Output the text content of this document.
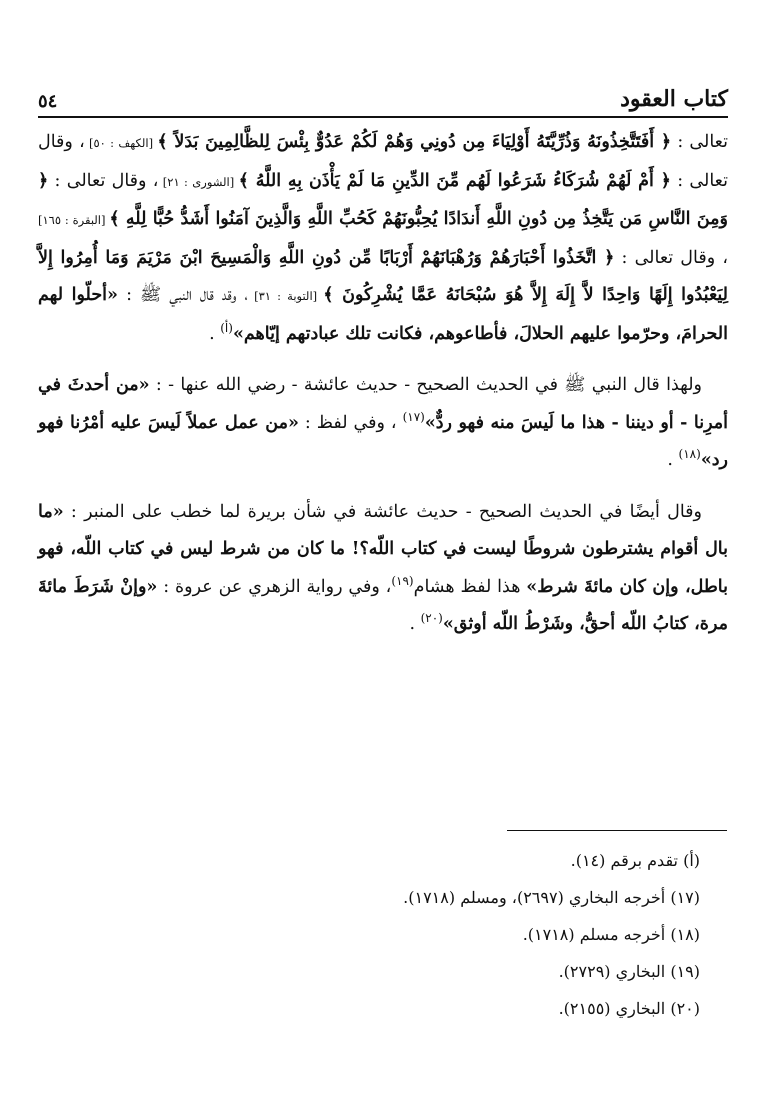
كتاب العقود
٥٤

تعالى : ﴿ أَفَتَتَّخِذُونَهُ وَذُرِّيَّتَهُ أَوْلِيَاءَ مِن دُونِي وَهُمْ لَكُمْ عَدُوٌّ بِئْسَ لِلظَّالِمِينَ بَدَلاً ﴾ [الكهف : ٥٠] ، وقال تعالى : ﴿ أَمْ لَهُمْ شُرَكَاءُ شَرَعُوا لَهُم مِّنَ الدِّينِ مَا لَمْ يَأْذَن بِهِ اللَّهُ ﴾ [الشورى : ٢١] ، وقال تعالى : ﴿ وَمِنَ النَّاسِ مَن يَتَّخِذُ مِن دُونِ اللَّهِ أَندَادًا يُحِبُّونَهُمْ كَحُبِّ اللَّهِ وَالَّذِينَ آمَنُوا أَشَدُّ حُبًّا لِلَّهِ ﴾ [البقرة : ١٦٥] ، وقال تعالى : ﴿ اتَّخَذُوا أَحْبَارَهُمْ وَرُهْبَانَهُمْ أَرْبَابًا مِّن دُونِ اللَّهِ وَالْمَسِيحَ ابْنَ مَرْيَمَ وَمَا أُمِرُوا إِلاَّ لِيَعْبُدُوا إِلَهًا وَاحِدًا لاَّ إِلَهَ إِلاَّ هُوَ سُبْحَانَهُ عَمَّا يُشْرِكُونَ ﴾ [التوبة : ٣١] ، وقد قال النبي ﷺ : «أحلّوا لهم الحرامَ، وحرّموا عليهم الحلالَ، فأطاعوهم، فكانت تلك عبادتهم إيّاهم»$^{(أ)}$ .

ولهذا قال النبي ﷺ في الحديث الصحيح - حديث عائشة - رضي الله عنها - : «من أحدثَ في أمرِنا - أو ديننا - هذا ما لَيسَ منه فهو ردٌّ»$^{(١٧)}$ ، وفي لفظ : «من عمل عملاً لَيسَ عليه أمْرُنا فهو رد»$^{(١٨)}$ .

وقال أيضًا في الحديث الصحيح - حديث عائشة في شأن بريرة لما خطب على المنبر : «ما بال أقوام يشترطون شروطًا ليست في كتاب اللّه؟! ما كان من شرط ليس في كتاب اللّه، فهو باطل، وإن كان مائةَ شرط» هذا لفظ هشام$^{(١٩)}$، وفي رواية الزهري عن عروة : «وإنْ شَرَطَ مائةَ مرة، كتابُ اللّه أحقُّ، وشَرْطُ اللّه أوثق»$^{(٢٠)}$ .

(أ) تقدم برقم (١٤).
(١٧) أخرجه البخاري (٢٦٩٧)، ومسلم (١٧١٨).
(١٨) أخرجه مسلم (١٧١٨).
(١٩) البخاري (٢٧٢٩).
(٢٠) البخاري (٢١٥٥).
